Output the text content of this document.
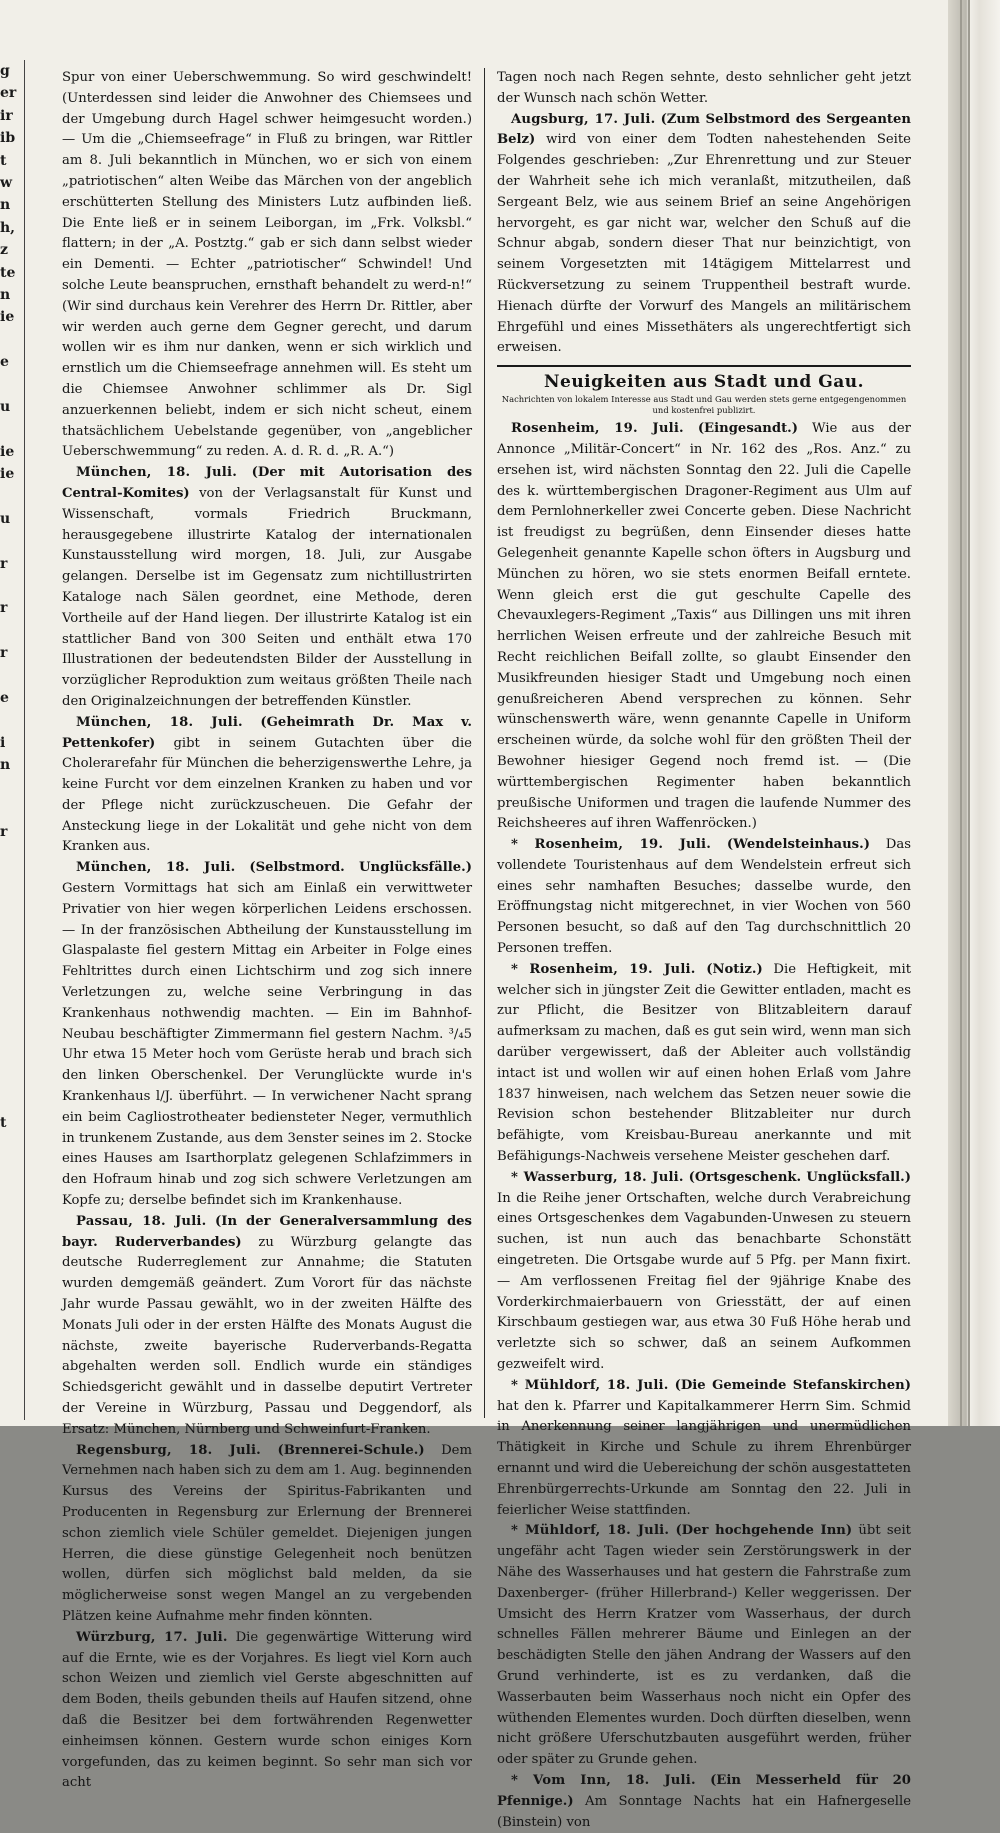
g
er
ir
ib
t
w
n
h,
z
te
n
ie
e
u
ie
ie
u
r
r
r
e
i
n
r
t

Spur von einer Ueberschwemmung. So wird geschwindelt! (Unterdessen sind leider die Anwohner des Chiemsees und der Umgebung durch Hagel schwer heimgesucht worden.) — Um die „Chiemseefrage“ in Fluß zu bringen, war Rittler am 8. Juli bekanntlich in München, wo er sich von einem „patriotischen“ alten Weibe das Märchen von der angeblich erschütterten Stellung des Ministers Lutz aufbinden ließ. Die Ente ließ er in seinem Leiborgan, im „Frk. Volksbl.“ flattern; in der „A. Postztg.“ gab er sich dann selbst wieder ein Dementi. — Echter „patriotischer“ Schwindel! Und solche Leute beanspruchen, ernsthaft behandelt zu werd-n!“ (Wir sind durchaus kein Verehrer des Herrn Dr. Rittler, aber wir werden auch gerne dem Gegner gerecht, und darum wollen wir es ihm nur danken, wenn er sich wirklich und ernstlich um die Chiemseefrage annehmen will. Es steht um die Chiemsee Anwohner schlimmer als Dr. Sigl anzuerkennen beliebt, indem er sich nicht scheut, einem thatsächlichem Uebelstande gegenüber, von „angeblicher Ueberschwemmung“ zu reden. A. d. R. d. „R. A.“)

München, 18. Juli. (Der mit Autorisation des Central-Komites) von der Verlagsanstalt für Kunst und Wissenschaft, vormals Friedrich Bruckmann, herausgegebene illustrirte Katalog der internationalen Kunstausstellung wird morgen, 18. Juli, zur Ausgabe gelangen. Derselbe ist im Gegensatz zum nichtillustrirten Kataloge nach Sälen geordnet, eine Methode, deren Vortheile auf der Hand liegen. Der illustrirte Katalog ist ein stattlicher Band von 300 Seiten und enthält etwa 170 Illustrationen der bedeutendsten Bilder der Ausstellung in vorzüglicher Reproduktion zum weitaus größten Theile nach den Originalzeichnungen der betreffenden Künstler.

München, 18. Juli. (Geheimrath Dr. Max v. Pettenkofer) gibt in seinem Gutachten über die Cholerагefahr für München die beherzigenswerthe Lehre, ja keine Furcht vor dem einzelnen Kranken zu haben und vor der Pflege nicht zurückzuscheuen. Die Gefahr der Ansteckung liege in der Lokalität und gehe nicht von dem Kranken aus.

München, 18. Juli. (Selbstmord. Unglücksfälle.) Gestern Vormittags hat sich am Einlaß ein verwittweter Privatier von hier wegen körperlichen Leidens erschossen. — In der französischen Abtheilung der Kunstausstellung im Glaspalaste fiel gestern Mittag ein Arbeiter in Folge eines Fehltrittes durch einen Lichtschirm und zog sich innere Verletzungen zu, welche seine Verbringung in das Krankenhaus nothwendig machten. — Ein im Bahnhof-Neubau beschäftigter Zimmermann fiel gestern Nachm. ³/₄5 Uhr etwa 15 Meter hoch vom Gerüste herab und brach sich den linken Oberschenkel. Der Verunglückte wurde in's Krankenhaus l/J. überführt. — In verwichener Nacht sprang ein beim Cagliostrotheater bediensteter Neger, vermuthlich in trunkenem Zustande, aus dem 3enster seines im 2. Stocke eines Hauses am Isarthorplatz gelegenen Schlafzimmers in den Hofraum hinab und zog sich schwere Verletzungen am Kopfe zu; derselbe befindet sich im Krankenhause.

Passau, 18. Juli. (In der Generalversammlung des bayr. Ruderverbandes) zu Würzburg gelangte das deutsche Ruderreglement zur Annahme; die Statuten wurden demgemäß geändert. Zum Vorort für das nächste Jahr wurde Passau gewählt, wo in der zweiten Hälfte des Monats Juli oder in der ersten Hälfte des Monats August die nächste, zweite bayerische Ruderverbands-Regatta abgehalten werden soll. Endlich wurde ein ständiges Schiedsgericht gewählt und in dasselbe deputirt Vertreter der Vereine in Würzburg, Passau und Deggendorf, als Ersatz: München, Nürnberg und Schweinfurt-Franken.

Regensburg, 18. Juli. (Brennerei-Schule.) Dem Vernehmen nach haben sich zu dem am 1. Aug. beginnenden Kursus des Vereins der Spiritus-Fabrikanten und Producenten in Regensburg zur Erlernung der Brennerei schon ziemlich viele Schüler gemeldet. Diejenigen jungen Herren, die diese günstige Gelegenheit noch benützen wollen, dürfen sich möglichst bald melden, da sie möglicherweise sonst wegen Mangel an zu vergebenden Plätzen keine Aufnahme mehr finden könnten.

Würzburg, 17. Juli. Die gegenwärtige Witterung wird auf die Ernte, wie es der Vorjahres. Es liegt viel Korn auch schon Weizen und ziemlich viel Gerste abgeschnitten auf dem Boden, theils gebunden theils auf Haufen sitzend, ohne daß die Besitzer bei dem fortwährenden Regenwetter einheimsen können. Gestern wurde schon einiges Korn vorgefunden, das zu keimen beginnt. So sehr man sich vor acht

Tagen noch nach Regen sehnte, desto sehnlicher geht jetzt der Wunsch nach schön Wetter.

Augsburg, 17. Juli. (Zum Selbstmord des Sergeanten Belz) wird von einer dem Todten nahestehenden Seite Folgendes geschrieben: „Zur Ehrenrettung und zur Steuer der Wahrheit sehe ich mich veranlaßt, mitzutheilen, daß Sergeant Belz, wie aus seinem Brief an seine Angehörigen hervorgeht, es gar nicht war, welcher den Schuß auf die Schnur abgab, sondern dieser That nur beinzichtigt, von seinem Vorgesetzten mit 14tägigem Mittelarrest und Rückversetzung zu seinem Truppentheil bestraft wurde. Hienach dürfte der Vorwurf des Mangels an militärischem Ehrgefühl und eines Missethäters als ungerechtfertigt sich erweisen.

Neuigkeiten aus Stadt und Gau.
Nachrichten von lokalem Interesse aus Stadt und Gau werden stets gerne entgegengenommen und kostenfrei publizirt.

Rosenheim, 19. Juli. (Eingesandt.) Wie aus der Annonce „Militär-Concert“ in Nr. 162 des „Ros. Anz.“ zu ersehen ist, wird nächsten Sonntag den 22. Juli die Capelle des k. württembergischen Dragoner-Regiment aus Ulm auf dem Pernlohnerkeller zwei Concerte geben. Diese Nachricht ist freudigst zu begrüßen, denn Einsender dieses hatte Gelegenheit genannte Kapelle schon öfters in Augsburg und München zu hören, wo sie stets enormen Beifall erntete. Wenn gleich erst die gut geschulte Capelle des Chevauxlegers-Regiment „Taxis“ aus Dillingen uns mit ihren herrlichen Weisen erfreute und der zahlreiche Besuch mit Recht reichlichen Beifall zollte, so glaubt Einsender den Musikfreunden hiesiger Stadt und Umgebung noch einen genußreicheren Abend versprechen zu können. Sehr wünschenswerth wäre, wenn genannte Capelle in Uniform erscheinen würde, da solche wohl für den größten Theil der Bewohner hiesiger Gegend noch fremd ist. — (Die württembergischen Regimenter haben bekanntlich preußische Uniformen und tragen die laufende Nummer des Reichsheeres auf ihren Waffenröcken.)

* Rosenheim, 19. Juli. (Wendelsteinhaus.) Das vollendete Touristenhaus auf dem Wendelstein erfreut sich eines sehr namhaften Besuches; dasselbe wurde, den Eröffnungstag nicht mitgerechnet, in vier Wochen von 560 Personen besucht, so daß auf den Tag durchschnittlich 20 Personen treffen.

* Rosenheim, 19. Juli. (Notiz.) Die Heftigkeit, mit welcher sich in jüngster Zeit die Gewitter entladen, macht es zur Pflicht, die Besitzer von Blitzableitern darauf aufmerksam zu machen, daß es gut sein wird, wenn man sich darüber vergewissert, daß der Ableiter auch vollständig intact ist und wollen wir auf einen hohen Erlaß vom Jahre 1837 hinweisen, nach welchem das Setzen neuer sowie die Revision schon bestehender Blitzableiter nur durch befähigte, vom Kreisbau-Bureau anerkannte und mit Befähigungs-Nachweis versehene Meister geschehen darf.

* Wasserburg, 18. Juli. (Ortsgeschenk. Unglücksfall.) In die Reihe jener Ortschaften, welche durch Verabreichung eines Ortsgeschenkes dem Vagabunden-Unwesen zu steuern suchen, ist nun auch das benachbarte Schonstätt eingetreten. Die Ortsgabe wurde auf 5 Pfg. per Mann fixirt. — Am verflossenen Freitag fiel der 9jährige Knabe des Vorderkirchmaierbauern von Griesstätt, der auf einen Kirschbaum gestiegen war, aus etwa 30 Fuß Höhe herab und verletzte sich so schwer, daß an seinem Aufkommen gezweifelt wird.

* Mühldorf, 18. Juli. (Die Gemeinde Stefanskirchen) hat den k. Pfarrer und Kapitalkammerer Herrn Sim. Schmid in Anerkennung seiner langjährigen und unermüdlichen Thätigkeit in Kirche und Schule zu ihrem Ehrenbürger ernannt und wird die Uebereichung der schön ausgestatteten Ehrenbürgerrechts-Urkunde am Sonntag den 22. Juli in feierlicher Weise stattfinden.

* Mühldorf, 18. Juli. (Der hochgehende Inn) übt seit ungefähr acht Tagen wieder sein Zerstörungswerk in der Nähe des Wasserhauses und hat gestern die Fahrstraße zum Daxenberger- (früher Hillerbrand-) Keller weggerissen. Der Umsicht des Herrn Kratzer vom Wasserhaus, der durch schnelles Fällen mehrerer Bäume und Einlegen an der beschädigten Stelle den jähen Andrang der Wassers auf den Grund verhinderte, ist es zu verdanken, daß die Wasserbauten beim Wasserhaus noch nicht ein Opfer des wüthenden Elementes wurden. Doch dürften dieselben, wenn nicht größere Uferschutzbauten ausgeführt werden, früher oder später zu Grunde gehen.

* Vom Inn, 18. Juli. (Ein Messerheld für 20 Pfennige.) Am Sonntage Nachts hat ein Hafnergeselle (Binstein) von
